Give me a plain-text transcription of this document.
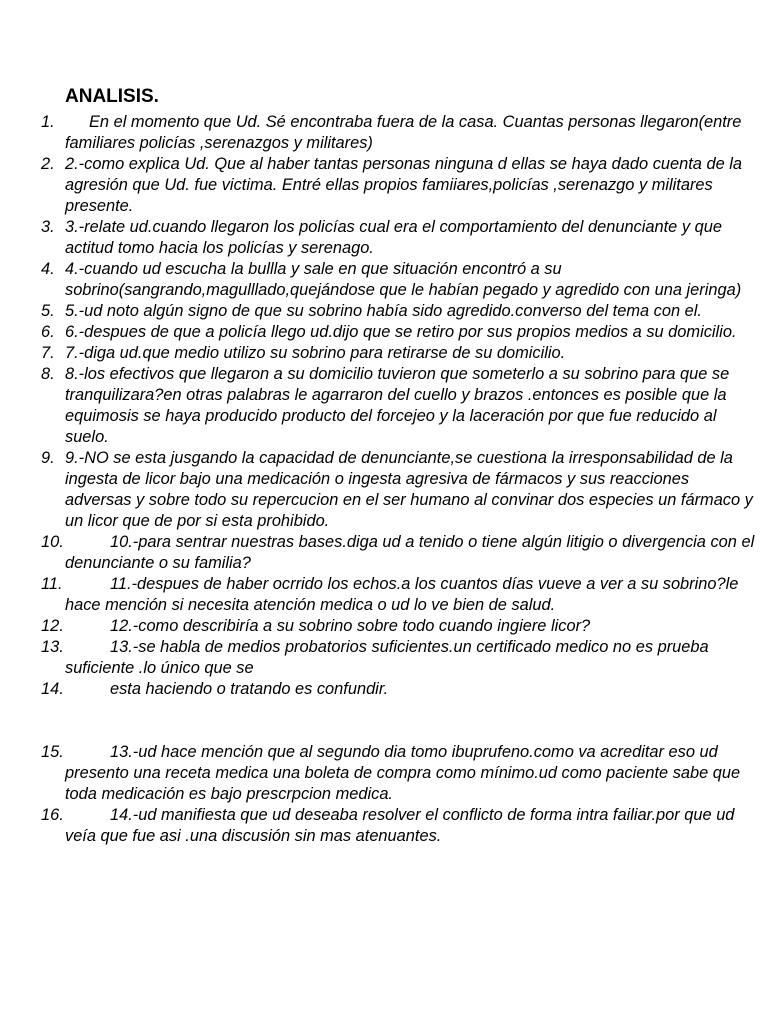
ANALISIS.
1. En el momento que Ud. Sé encontraba fuera de la casa. Cuantas personas llegaron(entre familiares policías ,serenazgos y militares)
2. 2.-como explica Ud. Que al haber tantas personas ninguna d ellas se haya dado cuenta de la agresión que Ud. fue victima. Entré ellas propios famiiares,policías ,serenazgo y militares presente.
3. 3.-relate ud.cuando llegaron los policías cual era el comportamiento del denunciante y que actitud tomo hacia los policías y serenago.
4. 4.-cuando ud escucha la bullla y sale en que situación encontró a su sobrino(sangrando,magulllado,quejándose que le habían pegado y agredido con una jeringa)
5. 5.-ud noto algún signo de que su sobrino había sido agredido.converso del tema con el.
6. 6.-despues de que a policía llego ud.dijo que se retiro por sus propios medios a su domicilio.
7. 7.-diga ud.que medio utilizo su sobrino para retirarse de su domicilio.
8. 8.-los efectivos que llegaron a su domicilio tuvieron que someterlo a su sobrino para que se tranquilizara?en otras palabras le agarraron del cuello y brazos .entonces es posible que la equimosis se haya producido producto del forcejeo y la laceración por que fue reducido al suelo.
9. 9.-NO se esta jusgando la capacidad de denunciante,se cuestiona la irresponsabilidad de la ingesta de licor bajo una medicación o ingesta agresiva de fármacos y sus reacciones adversas y sobre todo su repercucion en el ser humano al convinar dos especies un fármaco y un licor que de por si esta prohibido.
10.	10.-para sentrar nuestras bases.diga ud a tenido o tiene algún litigio o divergencia con el denunciante o su familia?
11.	11.-despues de haber ocrrido los echos.a los cuantos días vueve a ver a su sobrino?le hace mención si necesita atención medica o ud lo ve bien de salud.
12.	12.-como describiría a su sobrino sobre todo cuando ingiere licor?
13.	13.-se habla de medios probatorios suficientes.un certificado medico no es prueba suficiente .lo único que se
14.	esta haciendo o tratando es confundir.
15.	13.-ud hace mención que al segundo dia tomo ibuprufeno.como va acreditar eso ud presento una receta medica una boleta de compra como mínimo.ud como paciente sabe que toda medicación es bajo prescrpcion medica.
16.	14.-ud manifiesta que ud deseaba resolver el conflicto de forma intra failiar.por que ud veía que fue asi .una discusión sin mas atenuantes.
